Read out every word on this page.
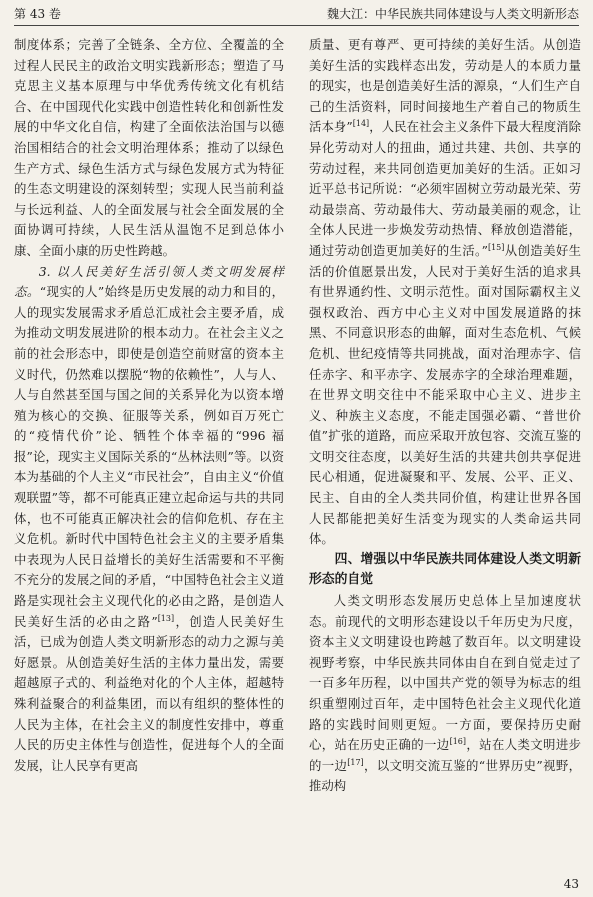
第 43 卷	魏大江：中华民族共同体建设与人类文明新形态

制度体系；完善了全链条、全方位、全覆盖的全过程人民民主的政治文明实践新形态；塑造了马克思主义基本原理与中华优秀传统文化有机结合、在中国现代化实践中创造性转化和创新性发展的中华文化自信，构建了全面依法治国与以德治国相结合的社会文明治理体系；推动了以绿色生产方式、绿色生活方式与绿色发展方式为特征的生态文明建设的深刻转型；实现人民当前利益与长远利益、人的全面发展与社会全面发展的全面协调可持续，人民生活从温饱不足到总体小康、全面小康的历史性跨越。

3. 以人民美好生活引领人类文明发展样态。“现实的人”始终是历史发展的动力和目的，人的现实发展需求矛盾总汇成社会主要矛盾，成为推动文明发展进阶的根本动力。在社会主义之前的社会形态中，即使是创造空前财富的资本主义时代，仍然难以摆脱“物的依赖性”，人与人、人与自然甚至国与国之间的关系异化为以资本增殖为核心的交换、征服等关系，例如百万死亡的“疫情代价”论、牺牲个体幸福的“996 福报”论，现实主义国际关系的“丛林法则”等。以资本为基础的个人主义“市民社会”，自由主义“价值观联盟”等，都不可能真正建立起命运与共的共同体，也不可能真正解决社会的信仰危机、存在主义危机。新时代中国特色社会主义的主要矛盾集中表现为人民日益增长的美好生活需要和不平衡不充分的发展之间的矛盾，“中国特色社会主义道路是实现社会主义现代化的必由之路，是创造人民美好生活的必由之路”[13]，创造人民美好生活，已成为创造人类文明新形态的动力之源与美好愿景。从创造美好生活的主体力量出发，需要超越原子式的、利益绝对化的个人主体，超越特殊利益聚合的利益集团，而以有组织的整体性的人民为主体，在社会主义的制度性安排中，尊重人民的历史主体性与创造性，促进每个人的全面发展，让人民享有更高

质量、更有尊严、更可持续的美好生活。从创造美好生活的实践样态出发，劳动是人的本质力量的现实，也是创造美好生活的源泉，“人们生产自己的生活资料，同时间接地生产着自己的物质生活本身”[14]，人民在社会主义条件下最大程度消除异化劳动对人的扭曲，通过共建、共创、共享的劳动过程，来共同创造更加美好的生活。正如习近平总书记所说：“必须牢固树立劳动最光荣、劳动最崇高、劳动最伟大、劳动最美丽的观念，让全体人民进一步焕发劳动热情、释放创造潜能，通过劳动创造更加美好的生活。”[15]从创造美好生活的价值愿景出发，人民对于美好生活的追求具有世界通约性、文明示范性。面对国际霸权主义强权政治、西方中心主义对中国发展道路的抹黑、不同意识形态的曲解，面对生态危机、气候危机、世纪疫情等共同挑战，面对治理赤字、信任赤字、和平赤字、发展赤字的全球治理难题，在世界文明交往中不能采取中心主义、进步主义、种族主义态度，不能走国强必霸、“普世价值”扩张的道路，而应采取开放包容、交流互鉴的文明交往态度，以美好生活的共建共创共享促进民心相通，促进凝聚和平、发展、公平、正义、民主、自由的全人类共同价值，构建让世界各国人民都能把美好生活变为现实的人类命运共同体。

四、增强以中华民族共同体建设人类文明新形态的自觉

人类文明形态发展历史总体上呈加速度状态。前现代的文明形态建设以千年历史为尺度，资本主义文明建设也跨越了数百年。以文明建设视野考察，中华民族共同体由自在到自觉走过了一百多年历程，以中国共产党的领导为标志的组织重塑刚过百年，走中国特色社会主义现代化道路的实践时间则更短。一方面，要保持历史耐心，站在历史正确的一边[16]，站在人类文明进步的一边[17]，以文明交流互鉴的“世界历史”视野，推动构

43
